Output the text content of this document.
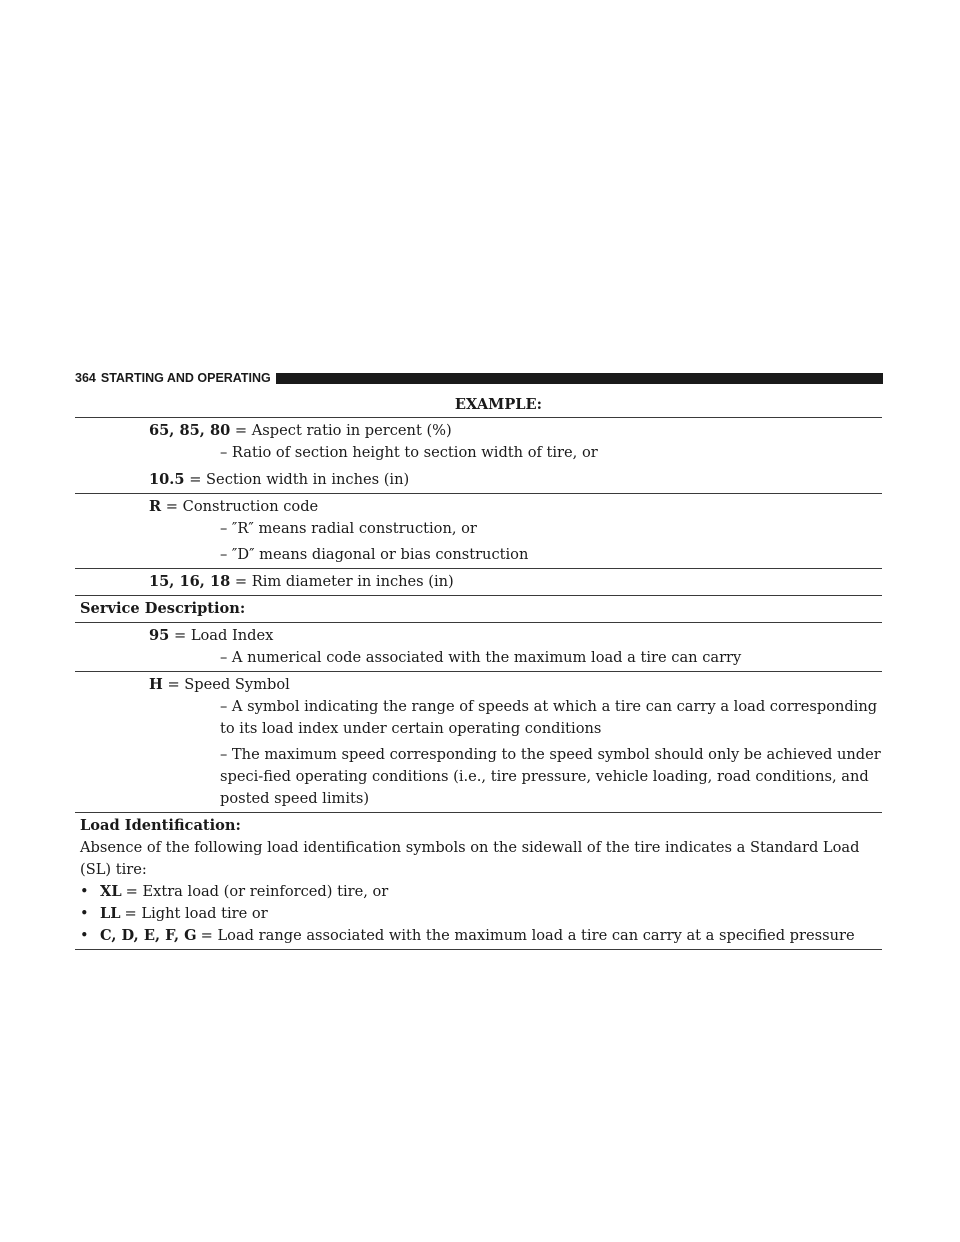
364 STARTING AND OPERATING
EXAMPLE:
65, 85, 80 = Aspect ratio in percent (%)
– Ratio of section height to section width of tire, or
10.5 = Section width in inches (in)
R = Construction code
– ″R″ means radial construction, or
– ″D″ means diagonal or bias construction
15, 16, 18 = Rim diameter in inches (in)
Service Description:
95 = Load Index
– A numerical code associated with the maximum load a tire can carry
H = Speed Symbol
– A symbol indicating the range of speeds at which a tire can carry a load corresponding to its load index under certain operating conditions
– The maximum speed corresponding to the speed symbol should only be achieved under speci-fied operating conditions (i.e., tire pressure, vehicle loading, road conditions, and posted speed limits)
Load Identification:
Absence of the following load identification symbols on the sidewall of the tire indicates a Standard Load (SL) tire:
• XL = Extra load (or reinforced) tire, or
• LL = Light load tire or
• C, D, E, F, G = Load range associated with the maximum load a tire can carry at a specified pressure
